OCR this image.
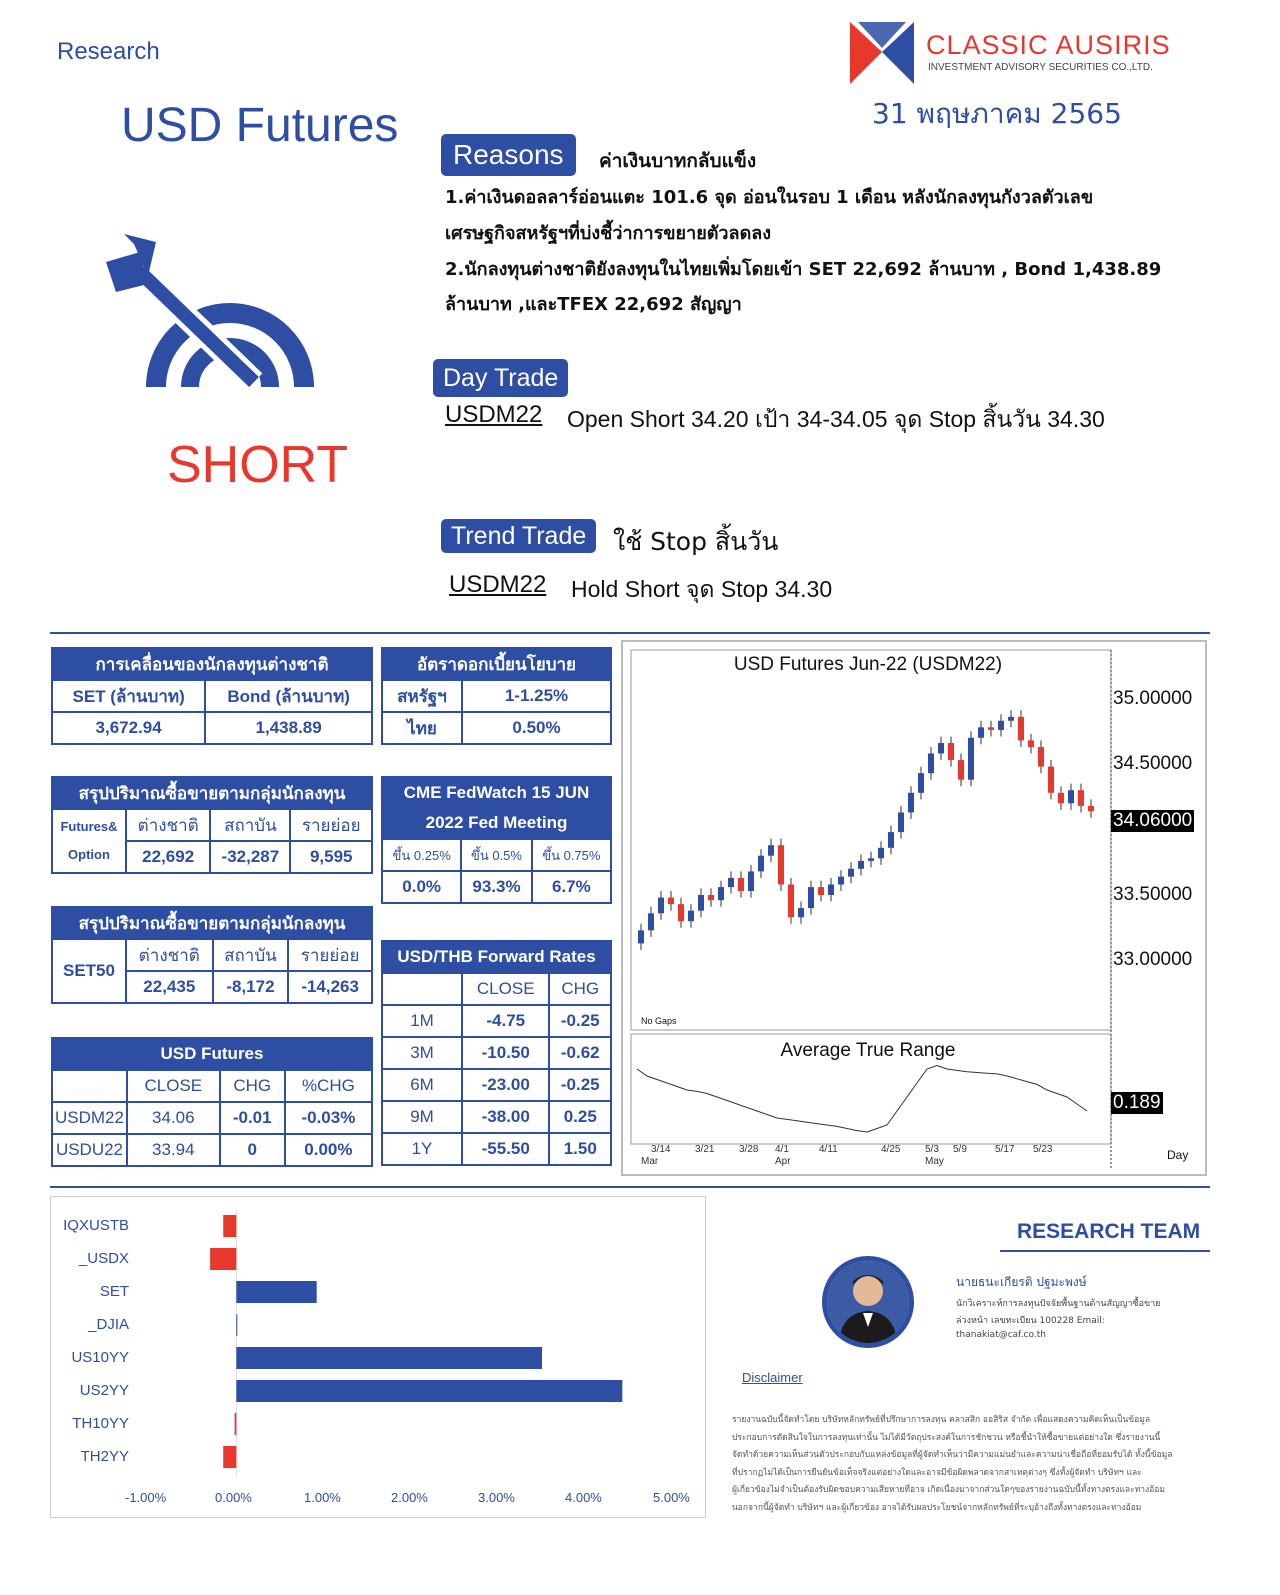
Research
USD Futures
CLASSIC AUSIRIS
INVESTMENT ADVISORY SECURITIES CO.,LTD.
31 พฤษภาคม 2565
SHORT
Reasons	ค่าเงินบาทกลับแข็ง
1.ค่าเงินดอลลาร์อ่อนแตะ 101.6 จุด อ่อนในรอบ 1 เดือน หลังนักลงทุนกังวลตัวเลข
เศรษฐกิจสหรัฐฯที่บ่งชี้ว่าการขยายตัวลดลง
2.นักลงทุนต่างชาติยังลงทุนในไทยเพิ่มโดยเข้า SET 22,692 ล้านบาท , Bond 1,438.89
ล้านบาท ,และTFEX 22,692 สัญญา
Day Trade
USDM22 Open Short 34.20 เป้า 34-34.05 จุด Stop สิ้นวัน 34.30
Trend Trade	ใช้ Stop สิ้นวัน
USDM22 Hold Short จุด Stop 34.30
การเคลื่อนของนักลงทุนต่างชาติ	
SET (ล้านบาท)	Bond (ล้านบาท)
3,672.94	1,438.89
อัตราดอกเบี้ยนโยบาย	
สหรัฐฯ	1-1.25%
ไทย	0.50%
สรุปปริมาณซื้อขายตามกลุ่มนักลงทุน			

Futures&
Option	ต่างชาติ	สถาบัน	รายย่อย
	22,692	-32,287	9,595
CME FedWatch 15 JUN
2022 Fed Meeting		

ขึ้น 0.25%	ขึ้น 0.5%	ขึ้น 0.75%
0.0%	93.3%	6.7%
สรุปปริมาณซื้อขายตามกลุ่มนักลงทุน			
SET50	ต่างชาติ	สถาบัน	รายย่อย
	22,435	-8,172	-14,263
USD/THB Forward Rates		
	CLOSE	CHG
1M	-4.75	-0.25
3M	-10.50	-0.62
6M	-23.00	-0.25
9M	-38.00	0.25
1Y	-55.50	1.50
USD Futures			
	CLOSE	CHG	%CHG
USDM22	34.06	-0.01	-0.03%
USDU22	33.94	0	0.00%
USD Futures Jun-22 (USDM22)
35.00000
34.50000
33.50000
33.00000
34.06000
No Gaps
Average True Range
0.189
3/14 3/21 3/28 4/1	4/11	4/25 5/3 5/9	5/17 5/23
Mar	Apr	May	Day
IQXUSTB
_USDX
SET
_DJIA
US10YY
US2YY
TH10YY
TH2YY
-1.00%	0.00%	1.00%	2.00%	3.00%	4.00%	5.00%
RESEARCH TEAM
นายธนะเกียรติ ปฐมะพงษ์
นักวิเคราะห์การลงทุนปัจจัยพื้นฐานด้านสัญญาซื้อขาย
ล่วงหน้า เลขทะเบียน 100228 Email:
thanakiat@caf.co.th
Disclaimer
รายงานฉบับนี้จัดทำโดย บริษัทหลักทรัพย์ที่ปรึกษาการลงทุน คลาสสิก ออสิริส จำกัด เพื่อแสดงความคิดเห็นเป็นข้อมูล
ประกอบการตัดสินใจในการลงทุนเท่านั้น ไม่ได้มีวัตถุประสงค์ในการชักชวน หรือชี้นำให้ซื้อขายแต่อย่างใด ซึ่งรายงานนี้
จัดทำด้วยความเห็นส่วนตัวประกอบกับแหล่งข้อมูลที่ผู้จัดทำเห็นว่ามีความแม่นยำและความน่าเชื่อถือที่ยอมรับได้ ทั้งนี้ข้อมูล
ที่ปรากฏไม่ได้เป็นการยืนยันข้อเท็จจริงแต่อย่างใดและอาจมีข้อผิดพลาดจากสาเหตุต่างๆ ซึ่งทั้งผู้จัดทำ บริษัทฯ และ
ผู้เกี่ยวข้องไม่จำเป็นต้องรับผิดชอบความเสียหายที่อาจ เกิดเนื่องมาจากส่วนใดๆของรายงานฉบับนี้ทั้งทางตรงและทางอ้อม
นอกจากนี้ผู้จัดทำ บริษัทฯ และผู้เกี่ยวข้อง อาจได้รับผลประโยชน์จากหลักทรัพย์ที่ระบุอ้างถึงทั้งทางตรงและทางอ้อม
